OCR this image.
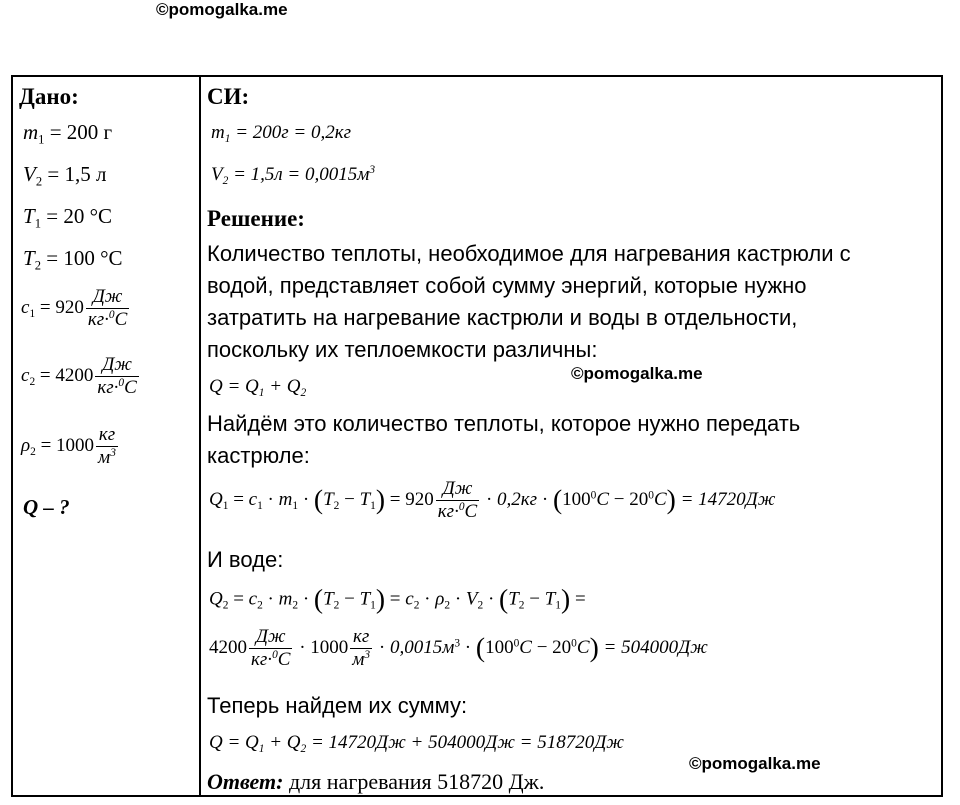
©pomogalka.me
Дано:
$m_1 = 200$ г
$V_2 = 1,5$ л
$T_1 = 20$ °С
$T_2 = 100$ °С
$c_1 = 920 \frac{Дж}{кг\cdot^0C}$
$c_2 = 4200 \frac{Дж}{кг\cdot^0C}$
$\rho_2 = 1000 \frac{кг}{м^3}$
Q – ?
СИ:
$m_1 = 200г = 0,2кг$
$V_2 = 1,5л = 0,0015м^3$
Решение:
Количество теплоты, необходимое для нагревания кастрюли с
водой, представляет собой сумму энергий, которые нужно
затратить на нагревание кастрюли и воды в отдельности,
поскольку их теплоемкости различны:
$Q = Q_1 + Q_2$
Найдём это количество теплоты, которое нужно передать
кастрюле:
$Q_1 = c_1 \cdot m_1 \cdot (T_2 - T_1) = 920 \frac{Дж}{кг\cdot^0C} \cdot 0,2кг \cdot (100^0C - 20^0C) = 14720Дж$
И воде:
$Q_2 = c_2 \cdot m_2 \cdot (T_2 - T_1) = c_2 \cdot \rho_2 \cdot V_2 \cdot (T_2 - T_1)$ =
$4200 \frac{Дж}{кг\cdot^0C} \cdot 1000 \frac{кг}{м^3} \cdot 0,0015м^3 \cdot (100^0C - 20^0C) = 504000Дж$
Теперь найдем их сумму:
$Q = Q_1 + Q_2 = 14720Дж + 504000Дж = 518720Дж$
Ответ: для нагревания 518720 Дж.
©pomogalka.me
©pomogalka.me
